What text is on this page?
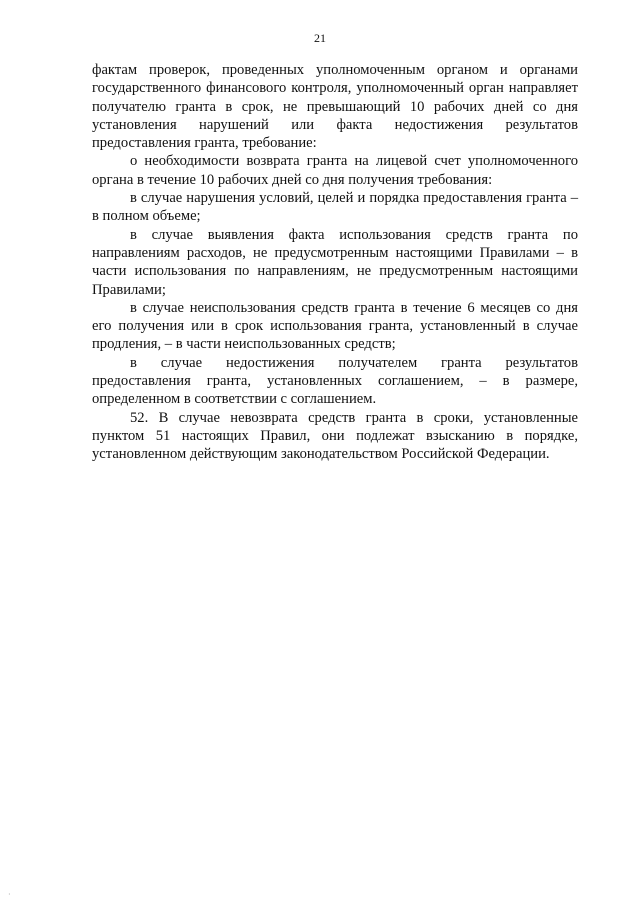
21

фактам проверок, проведенных уполномоченным органом и органами государственного финансового контроля, уполномоченный орган направляет получателю гранта в срок, не превышающий 10 рабочих дней со дня установления нарушений или факта недостижения результатов предоставления гранта, требование:

о необходимости возврата гранта на лицевой счет уполномоченного органа в течение 10 рабочих дней со дня получения требования:

в случае нарушения условий, целей и порядка предоставления гранта – в полном объеме;

в случае выявления факта использования средств гранта по направлениям расходов, не предусмотренным настоящими Правилами – в части использования по направлениям, не предусмотренным настоящими Правилами;

в случае неиспользования средств гранта в течение 6 месяцев со дня его получения или в срок использования гранта, установленный в случае продления, – в части неиспользованных средств;

в случае недостижения получателем гранта результатов предоставления гранта, установленных соглашением, – в размере, определенном в соответствии с соглашением.

52. В случае невозврата средств гранта в сроки, установленные пунктом 51 настоящих Правил, они подлежат взысканию в порядке, установленном действующим законодательством Российской Федерации.

·
